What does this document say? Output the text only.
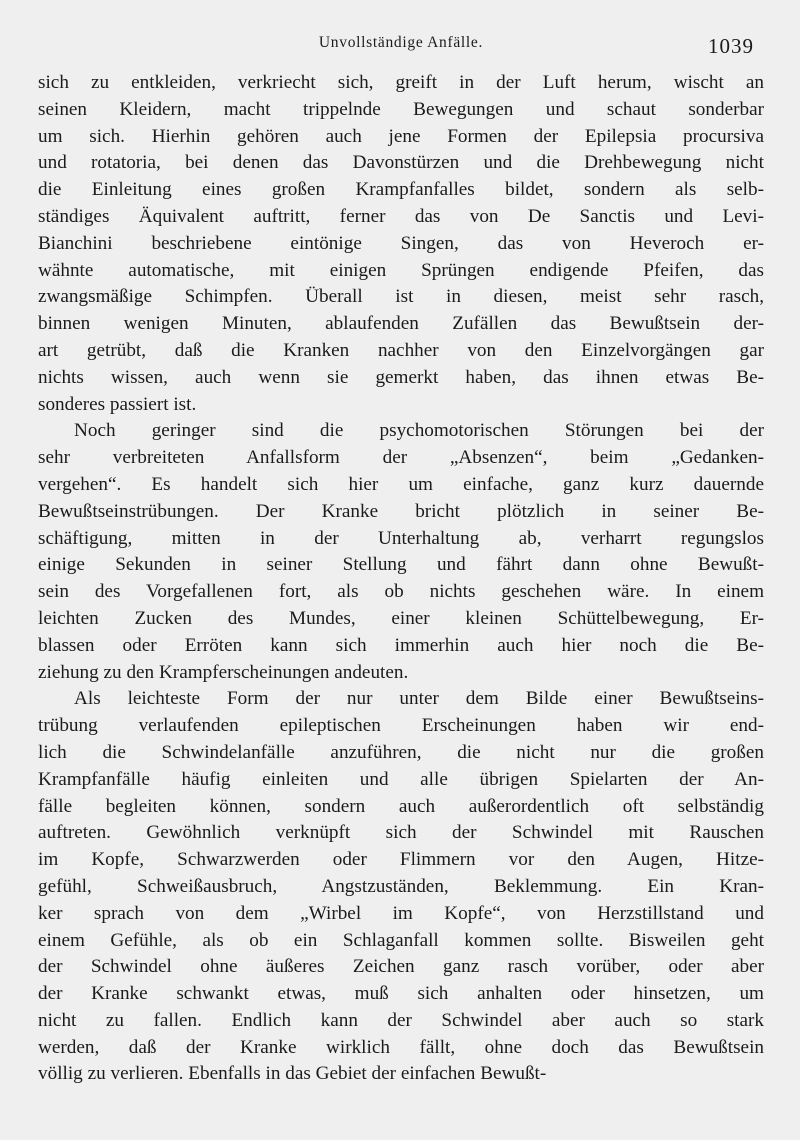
Unvollständige Anfälle.	1039
sich zu entkleiden, verkriecht sich, greift in der Luft herum, wischt an
seinen Kleidern, macht trippelnde Bewegungen und schaut sonderbar
um sich. Hierhin gehören auch jene Formen der Epilepsia procursiva
und rotatoria, bei denen das Davonstürzen und die Drehbewegung nicht
die Einleitung eines großen Krampfanfalles bildet, sondern als selb-
ständiges Äquivalent auftritt, ferner das von De Sanctis und Levi-
Bianchini beschriebene eintönige Singen, das von Heveroch er-
wähnte automatische, mit einigen Sprüngen endigende Pfeifen, das
zwangsmäßige Schimpfen. Überall ist in diesen, meist sehr rasch,
binnen wenigen Minuten, ablaufenden Zufällen das Bewußtsein der-
art getrübt, daß die Kranken nachher von den Einzelvorgängen gar
nichts wissen, auch wenn sie gemerkt haben, das ihnen etwas Be-
sonderes passiert ist.
Noch geringer sind die psychomotorischen Störungen bei der
sehr verbreiteten Anfallsform der „Absenzen“, beim „Gedanken-
vergehen“. Es handelt sich hier um einfache, ganz kurz dauernde
Bewußtseinstrübungen. Der Kranke bricht plötzlich in seiner Be-
schäftigung, mitten in der Unterhaltung ab, verharrt regungslos
einige Sekunden in seiner Stellung und fährt dann ohne Bewußt-
sein des Vorgefallenen fort, als ob nichts geschehen wäre. In einem
leichten Zucken des Mundes, einer kleinen Schüttelbewegung, Er-
blassen oder Erröten kann sich immerhin auch hier noch die Be-
ziehung zu den Krampferscheinungen andeuten.
Als leichteste Form der nur unter dem Bilde einer Bewußtseins-
trübung verlaufenden epileptischen Erscheinungen haben wir end-
lich die Schwindelanfälle anzuführen, die nicht nur die großen
Krampfanfälle häufig einleiten und alle übrigen Spielarten der An-
fälle begleiten können, sondern auch außerordentlich oft selbständig
auftreten. Gewöhnlich verknüpft sich der Schwindel mit Rauschen
im Kopfe, Schwarzwerden oder Flimmern vor den Augen, Hitze-
gefühl, Schweißausbruch, Angstzuständen, Beklemmung. Ein Kran-
ker sprach von dem „Wirbel im Kopfe“, von Herzstillstand und
einem Gefühle, als ob ein Schlaganfall kommen sollte. Bisweilen geht
der Schwindel ohne äußeres Zeichen ganz rasch vorüber, oder aber
der Kranke schwankt etwas, muß sich anhalten oder hinsetzen, um
nicht zu fallen. Endlich kann der Schwindel aber auch so stark
werden, daß der Kranke wirklich fällt, ohne doch das Bewußtsein
völlig zu verlieren. Ebenfalls in das Gebiet der einfachen Bewußt-
